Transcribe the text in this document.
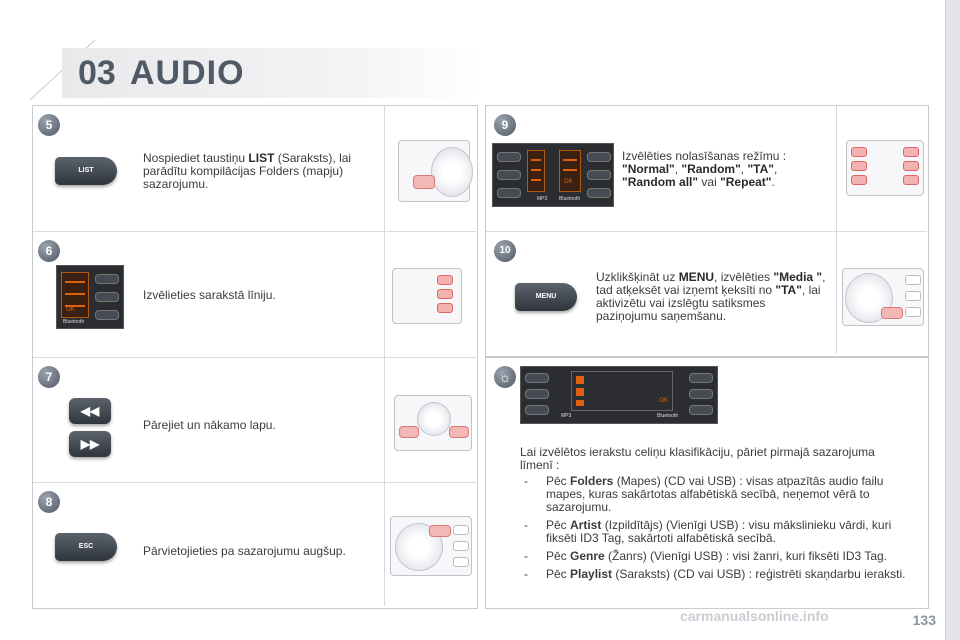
03 AUDIO
5
LIST
Nospiediet taustiņu LIST (Saraksts), lai parādītu kompilācijas Folders (mapju) sazarojumu.
6
OK
Bluetooth
Izvēlieties sarakstā līniju.
7
◀◀
▶▶
Pārejiet un nākamo lapu.
8
ESC	Pārvietojieties pa sazarojumu augšup.
9
OK
MP3 Bluetooth
Izvēlēties nolasīšanas režīmu : "Normal", "Random", "TA", "Random all" vai "Repeat".
10
MENU
Uzklikšķināt uz MENU, izvēlēties "Media ", tad atķeksēt vai izņemt ķeksīti no "TA", lai aktivizētu vai izslēgtu satiksmes paziņojumu saņemšanu.
☼
OK
MP3	Bluetooth
Lai izvēlētos ierakstu celiņu klasifikāciju, pāriet pirmajā sazarojuma līmenī :
- Pēc Folders (Mapes) (CD vai USB) : visas atpazītās audio failu mapes, kuras sakārtotas alfabētiskā secībā, neņemot vērā to sazarojumu.
- Pēc Artist (Izpildītājs) (Vienīgi USB) : visu mākslinieku vārdi, kuri fiksēti ID3 Tag, sakārtoti alfabētiskā secībā.
- Pēc Genre (Žanrs) (Vienīgi USB) : visi žanri, kuri fiksēti ID3 Tag.
- Pēc Playlist (Saraksts) (CD vai USB) : reģistrēti skaņdarbu ieraksti.
carmanualsonline.info	133
